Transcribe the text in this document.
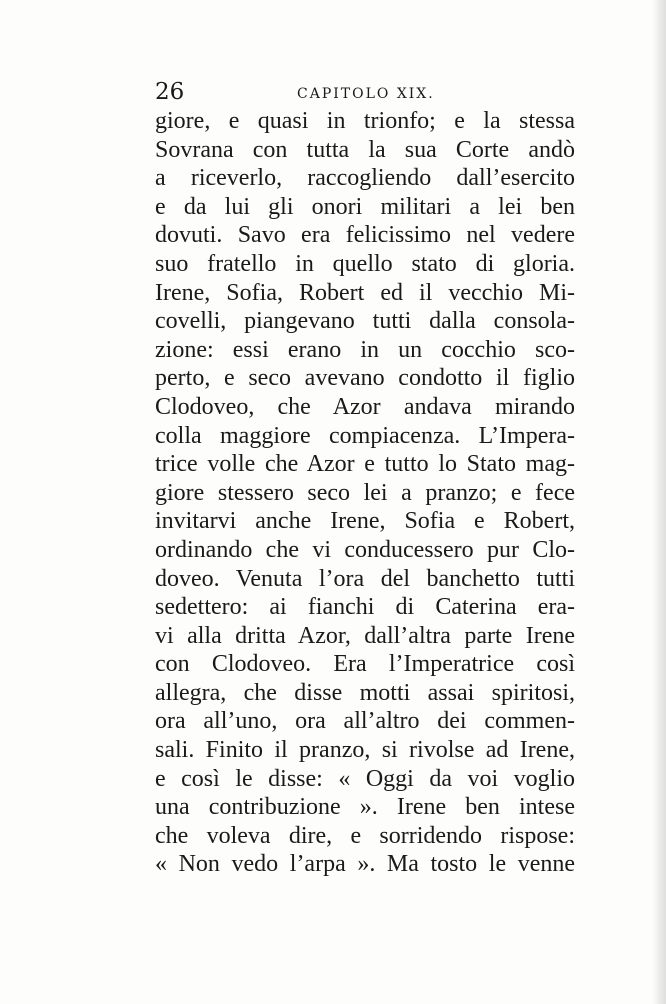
26	CAPITOLO XIX.
giore, e quasi in trionfo; e la stessa
Sovrana con tutta la sua Corte andò
a riceverlo, raccogliendo dall’esercito
e da lui gli onori militari a lei ben
dovuti. Savo era felicissimo nel vedere
suo fratello in quello stato di gloria.
Irene, Sofia, Robert ed il vecchio Mi-
covelli, piangevano tutti dalla consola-
zione: essi erano in un cocchio sco-
perto, e seco avevano condotto il figlio
Clodoveo, che Azor andava mirando
colla maggiore compiacenza. L’Impera-
trice volle che Azor e tutto lo Stato mag-
giore stessero seco lei a pranzo; e fece
invitarvi anche Irene, Sofia e Robert,
ordinando che vi conducessero pur Clo-
doveo. Venuta l’ora del banchetto tutti
sedettero: ai fianchi di Caterina era-
vi alla dritta Azor, dall’altra parte Irene
con Clodoveo. Era l’Imperatrice così
allegra, che disse motti assai spiritosi,
ora all’uno, ora all’altro dei commen-
sali. Finito il pranzo, si rivolse ad Irene,
e così le disse: « Oggi da voi voglio
una contribuzione ». Irene ben intese
che voleva dire, e sorridendo rispose:
« Non vedo l’arpa ». Ma tosto le venne
